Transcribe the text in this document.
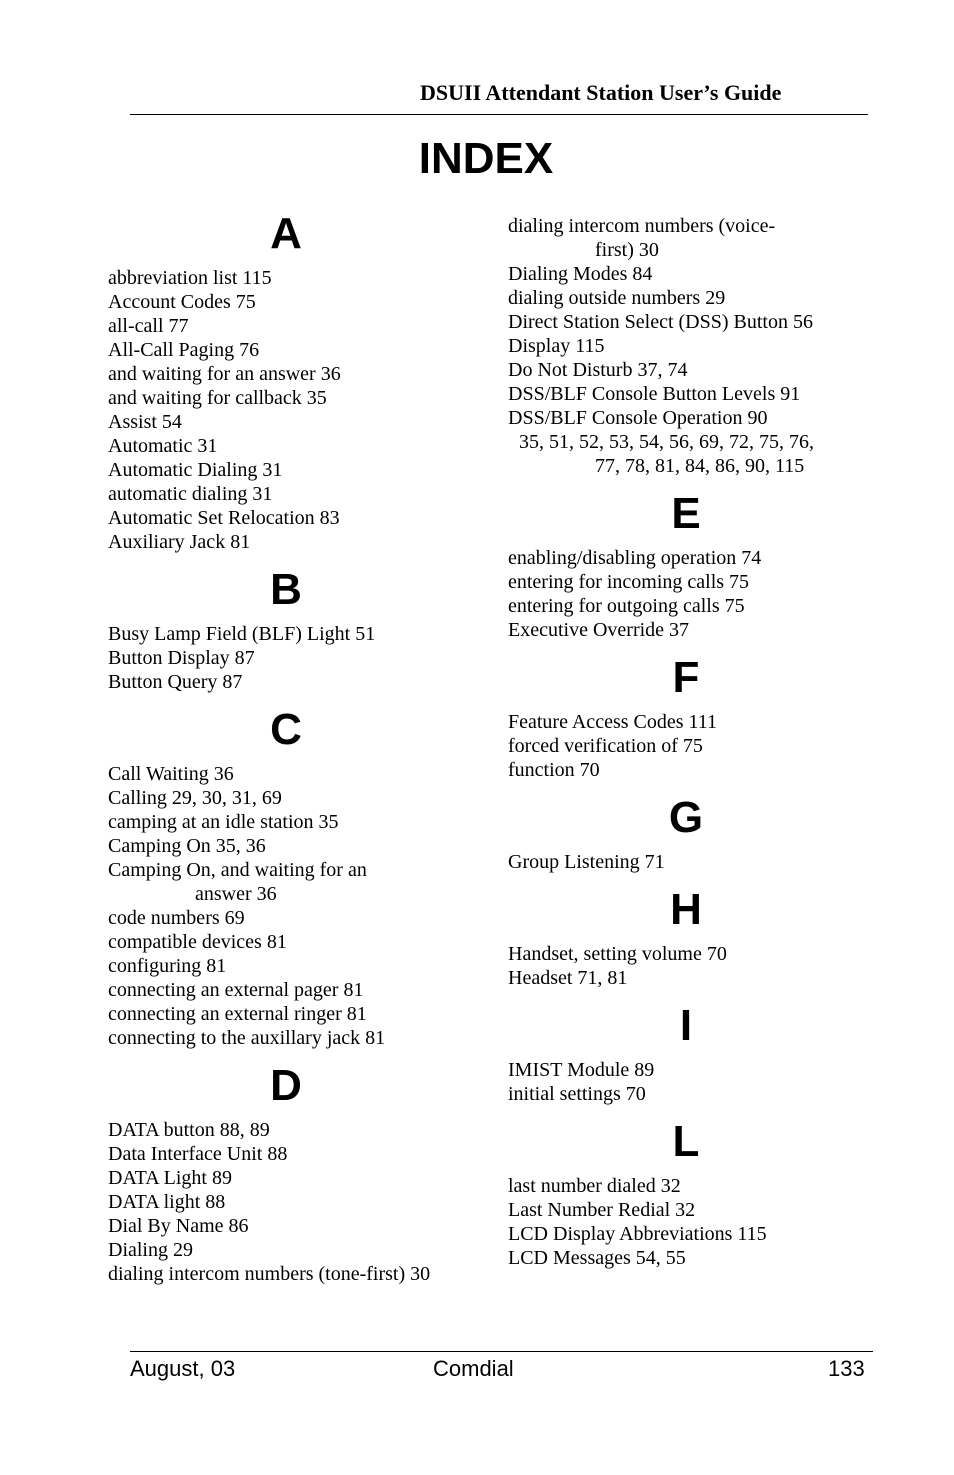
DSUII Attendant Station User’s Guide
INDEX
A
abbreviation list 115
Account Codes 75
all-call 77
All-Call Paging 76
and waiting for an answer 36
and waiting for callback 35
Assist 54
Automatic 31
Automatic Dialing 31
automatic dialing 31
Automatic Set Relocation 83
Auxiliary Jack 81
B
Busy Lamp Field (BLF) Light 51
Button Display 87
Button Query 87
C
Call Waiting 36
Calling 29, 30, 31, 69
camping at an idle station 35
Camping On 35, 36
Camping On, and waiting for an
answer 36
code numbers 69
compatible devices 81
configuring 81
connecting an external pager 81
connecting an external ringer 81
connecting to the auxillary jack 81
D
DATA button 88, 89
Data Interface Unit 88
DATA Light 89
DATA light 88
Dial By Name 86
Dialing 29
dialing intercom numbers (tone-first) 30
dialing intercom numbers (voice-
first) 30
Dialing Modes 84
dialing outside numbers 29
Direct Station Select (DSS) Button 56
Display 115
Do Not Disturb 37, 74
DSS/BLF Console Button Levels 91
DSS/BLF Console Operation 90
35, 51, 52, 53, 54, 56, 69, 72, 75, 76,
77, 78, 81, 84, 86, 90, 115
E
enabling/disabling operation 74
entering for incoming calls 75
entering for outgoing calls 75
Executive Override 37
F
Feature Access Codes 111
forced verification of 75
function 70
G
Group Listening 71
H
Handset, setting volume 70
Headset 71, 81
I
IMIST Module 89
initial settings 70
L
last number dialed 32
Last Number Redial 32
LCD Display Abbreviations 115
LCD Messages 54, 55
August, 03	Comdial	133
